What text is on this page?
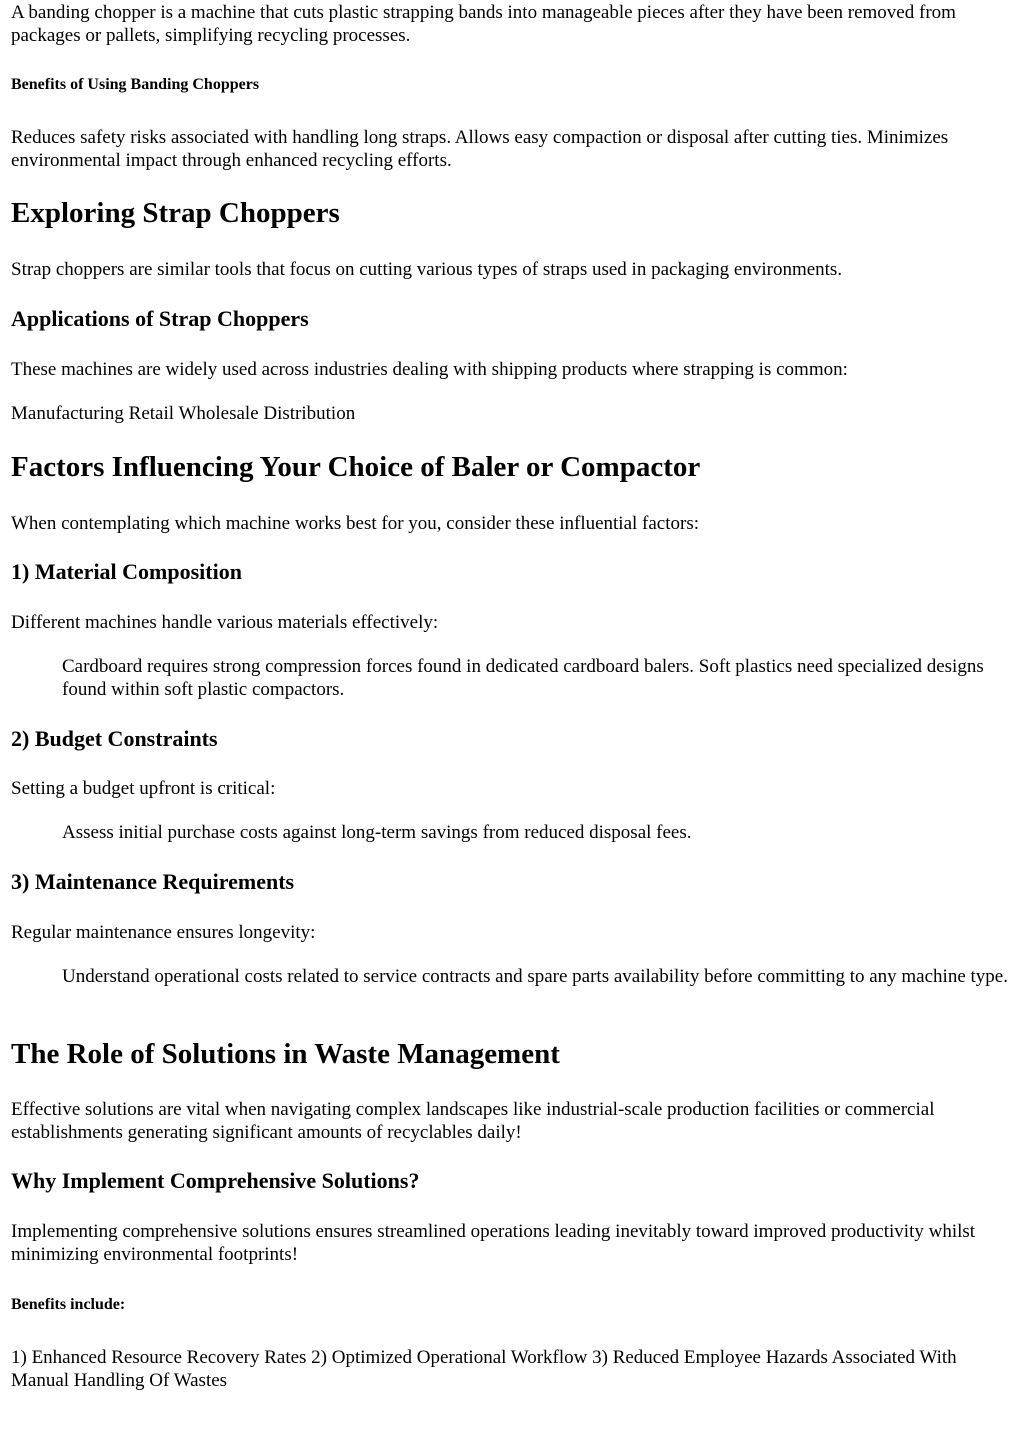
A banding chopper is a machine that cuts plastic strapping bands into manageable pieces after they have been removed from packages or pallets, simplifying recycling processes.

Benefits of Using Banding Choppers

Reduces safety risks associated with handling long straps. Allows easy compaction or disposal after cutting ties. Minimizes environmental impact through enhanced recycling efforts.

Exploring Strap Choppers

Strap choppers are similar tools that focus on cutting various types of straps used in packaging environments.

Applications of Strap Choppers

These machines are widely used across industries dealing with shipping products where strapping is common:

Manufacturing Retail Wholesale Distribution

Factors Influencing Your Choice of Baler or Compactor

When contemplating which machine works best for you, consider these influential factors:

1) Material Composition

Different machines handle various materials effectively:

Cardboard requires strong compression forces found in dedicated cardboard balers. Soft plastics need specialized designs found within soft plastic compactors.
2) Budget Constraints

Setting a budget upfront is critical:

Assess initial purchase costs against long-term savings from reduced disposal fees.
3) Maintenance Requirements

Regular maintenance ensures longevity:

Understand operational costs related to service contracts and spare parts availability before committing to any machine type.
The Role of Solutions in Waste Management

Effective solutions are vital when navigating complex landscapes like industrial-scale production facilities or commercial establishments generating significant amounts of recyclables daily!

Why Implement Comprehensive Solutions?

Implementing comprehensive solutions ensures streamlined operations leading inevitably toward improved productivity whilst minimizing environmental footprints!

Benefits include:

1) Enhanced Resource Recovery Rates 2) Optimized Operational Workflow 3) Reduced Employee Hazards Associated With Manual Handling Of Wastes
